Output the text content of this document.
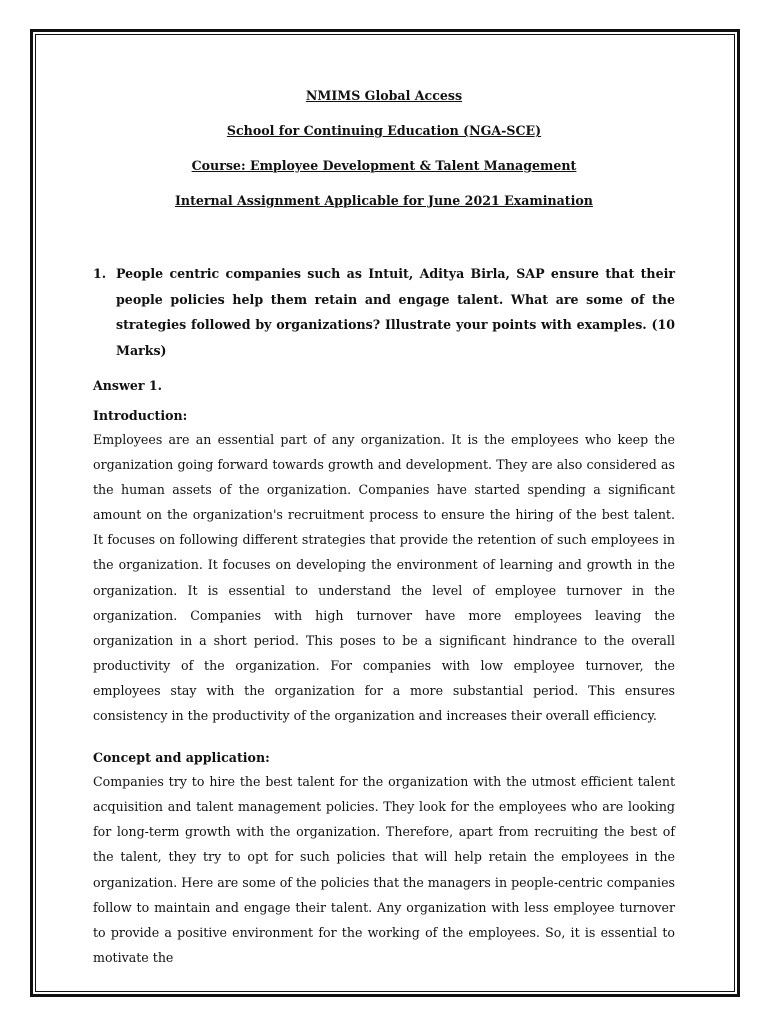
NMIMS Global Access

School for Continuing Education (NGA-SCE)

Course: Employee Development & Talent Management

Internal Assignment Applicable for June 2021 Examination

1. People centric companies such as Intuit, Aditya Birla, SAP ensure that their people policies help them retain and engage talent. What are some of the strategies followed by organizations? Illustrate your points with examples. (10 Marks)
Answer 1.
Introduction:

Employees are an essential part of any organization. It is the employees who keep the organization going forward towards growth and development. They are also considered as the human assets of the organization. Companies have started spending a significant amount on the organization's recruitment process to ensure the hiring of the best talent. It focuses on following different strategies that provide the retention of such employees in the organization. It focuses on developing the environment of learning and growth in the organization. It is essential to understand the level of employee turnover in the organization. Companies with high turnover have more employees leaving the organization in a short period. This poses to be a significant hindrance to the overall productivity of the organization. For companies with low employee turnover, the employees stay with the organization for a more substantial period. This ensures consistency in the productivity of the organization and increases their overall efficiency.

Concept and application:

Companies try to hire the best talent for the organization with the utmost efficient talent acquisition and talent management policies. They look for the employees who are looking for long-term growth with the organization. Therefore, apart from recruiting the best of the talent, they try to opt for such policies that will help retain the employees in the organization. Here are some of the policies that the managers in people-centric companies follow to maintain and engage their talent. Any organization with less employee turnover to provide a positive environment for the working of the employees. So, it is essential to motivate the
